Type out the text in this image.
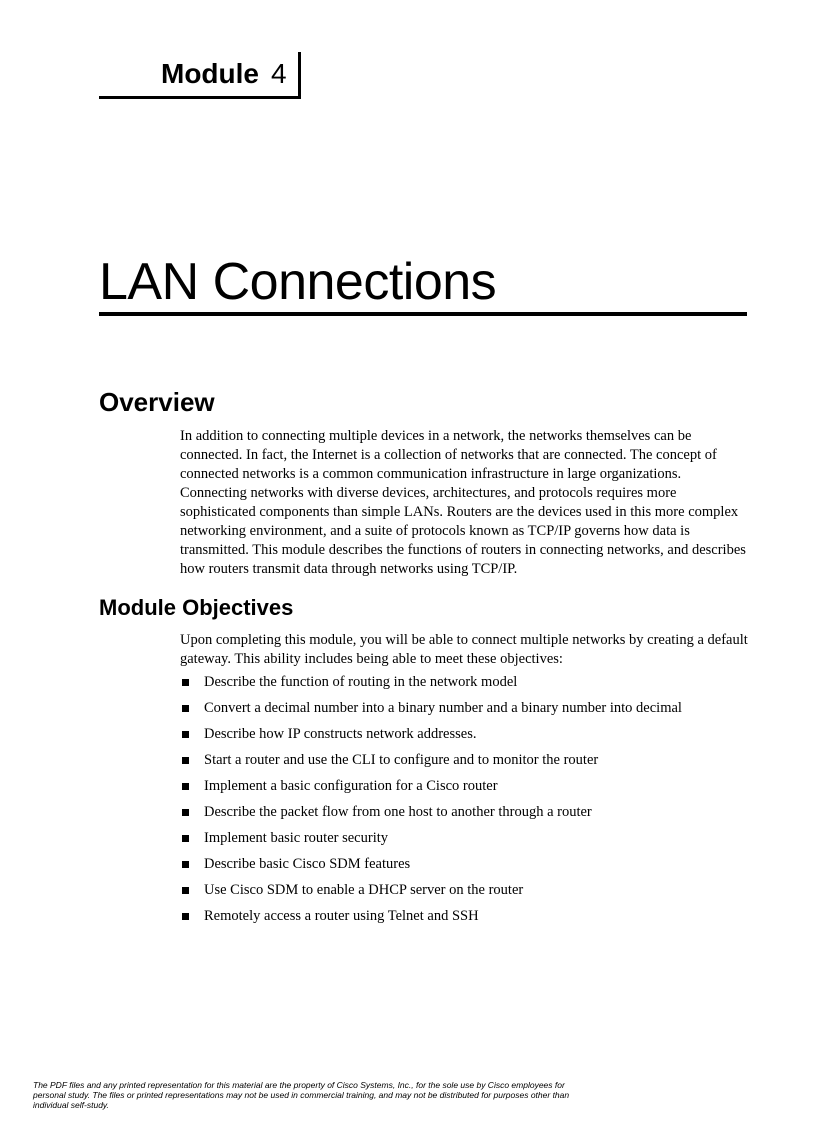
Module 4
LAN Connections
Overview

In addition to connecting multiple devices in a network, the networks themselves can be connected. In fact, the Internet is a collection of networks that are connected. The concept of connected networks is a common communication infrastructure in large organizations. Connecting networks with diverse devices, architectures, and protocols requires more sophisticated components than simple LANs. Routers are the devices used in this more complex networking environment, and a suite of protocols known as TCP/IP governs how data is transmitted. This module describes the functions of routers in connecting networks, and describes how routers transmit data through networks using TCP/IP.

Module Objectives

Upon completing this module, you will be able to connect multiple networks by creating a default gateway. This ability includes being able to meet these objectives:

Describe the function of routing in the network model
Convert a decimal number into a binary number and a binary number into decimal
Describe how IP constructs network addresses.
Start a router and use the CLI to configure and to monitor the router
Implement a basic configuration for a Cisco router
Describe the packet flow from one host to another through a router
Implement basic router security
Describe basic Cisco SDM features
Use Cisco SDM to enable a DHCP server on the router
Remotely access a router using Telnet and SSH

The PDF files and any printed representation for this material are the property of Cisco Systems, Inc., for the sole use by Cisco employees for personal study. The files or printed representations may not be used in commercial training, and may not be distributed for purposes other than individual self-study.
